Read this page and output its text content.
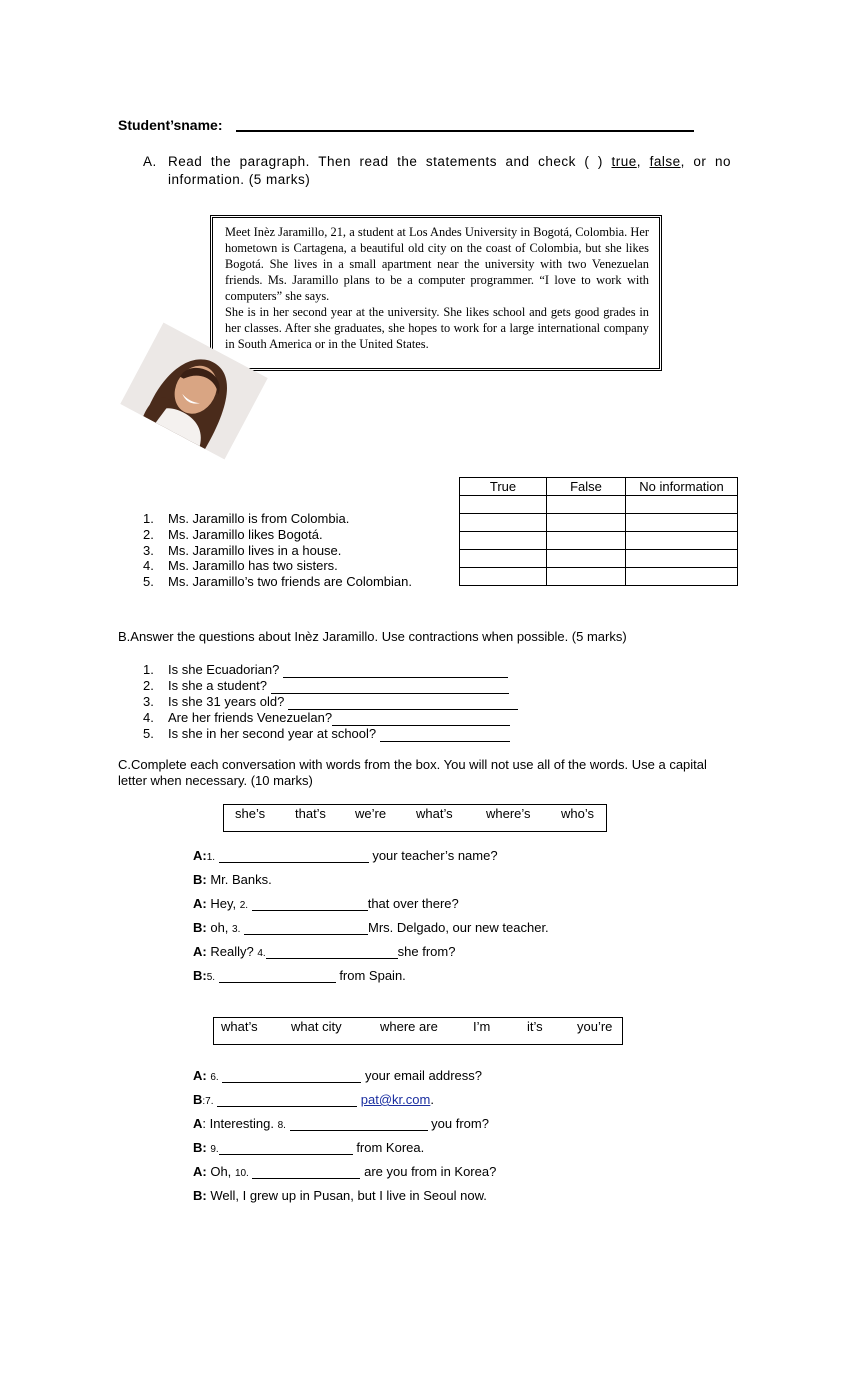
Student’sname:
A. Read the paragraph. Then read the statements and check ( ) true, false, or no information. (5 marks)

Meet Inèz Jaramillo, 21, a student at Los Andes University in Bogotá, Colombia. Her hometown is Cartagena, a beautiful old city on the coast of Colombia, but she likes Bogotá. She lives in a small apartment near the university with two Venezuelan friends. Ms. Jaramillo plans to be a computer programmer. “I love to work with computers” she says.

She is in her second year at the university. She likes school and gets good grades in her classes. After she graduates, she hopes to work for a large international company in South America or in the United States.

True	False	No information

1. Ms. Jaramillo is from Colombia.
2. Ms. Jaramillo likes Bogotá.
3. Ms. Jaramillo lives in a house.
4. Ms. Jaramillo has two sisters.
5. Ms. Jaramillo’s two friends are Colombian.
B.Answer the questions about Inèz Jaramillo. Use contractions when possible. (5 marks)
1. Is she Ecuadorian?
2. Is she a student?
3. Is she 31 years old?
4. Are her friends Venezuelan?
5. Is she in her second year at school?
C.Complete each conversation with words from the box. You will not use all of the words. Use a capital letter when necessary. (10 marks)
she’s that’s we’re what’s	where’s who’s
A:1.	your teacher’s name?
B: Mr. Banks.
A: Hey, 2.	that over there?
B: oh, 3.	Mrs. Delgado, our new teacher.
A: Really? 4.	she from?
B:5.	from Spain.
what’s	what city	where are	I’m	it’s	you’re
A: 6.	your email address?
B:7.	pat@kr.com.
A: Interesting. 8.	you from?
B: 9.	from Korea.
A: Oh, 10.	are you from in Korea?
B: Well, I grew up in Pusan, but I live in Seoul now.
